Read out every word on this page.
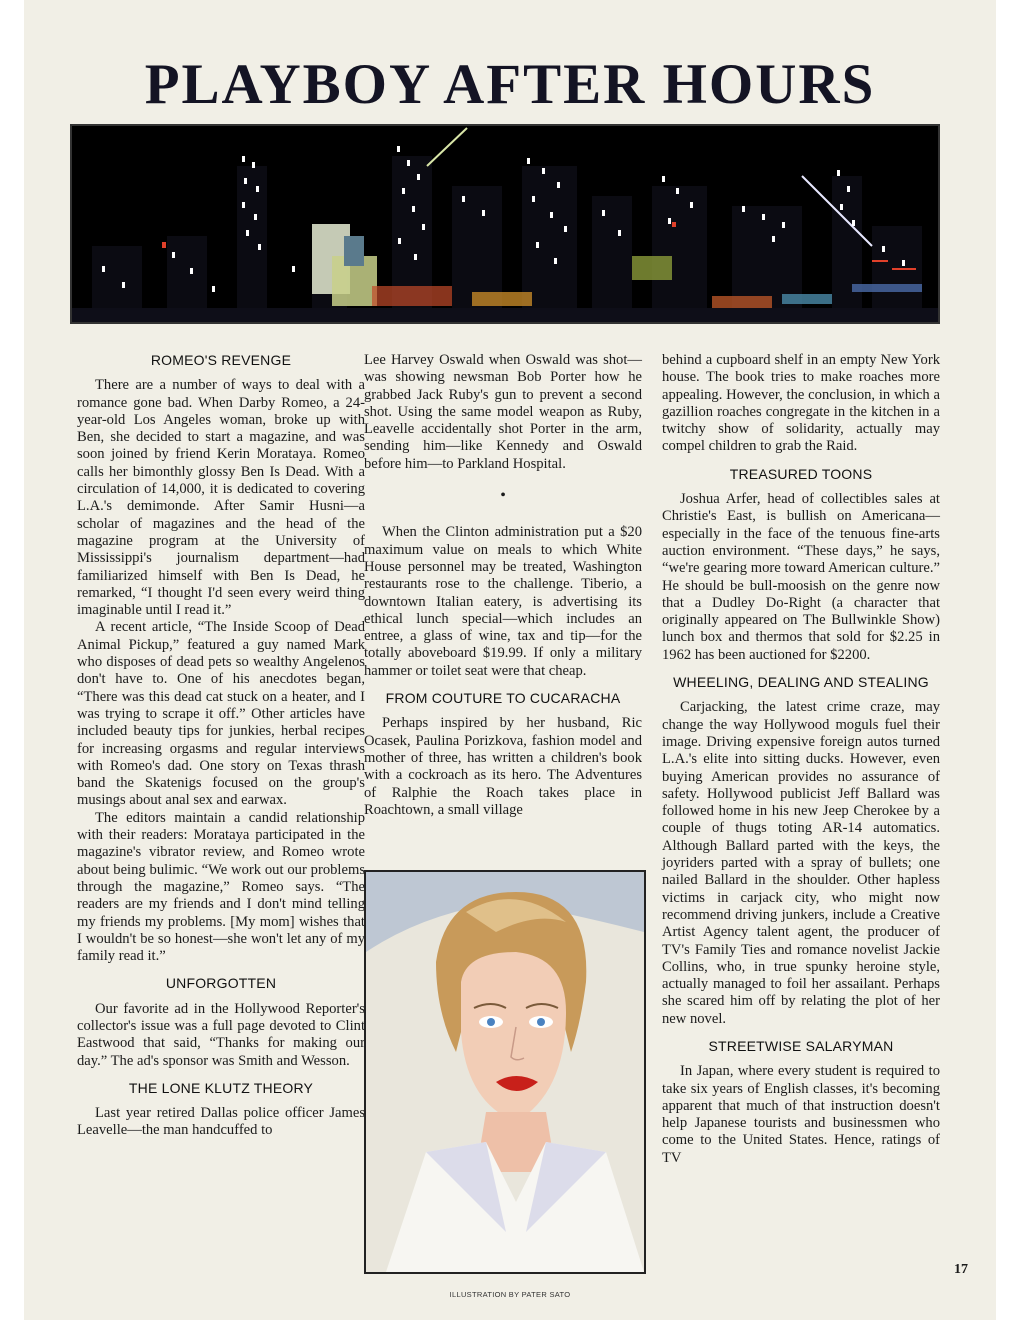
PLAYBOY AFTER HOURS
ROMEO'S REVENGE

There are a number of ways to deal with a romance gone bad. When Darby Romeo, a 24-year-old Los Angeles woman, broke up with Ben, she decided to start a magazine, and was soon joined by friend Kerin Morataya. Romeo calls her bimonthly glossy Ben Is Dead. With a circulation of 14,000, it is dedicated to covering L.A.'s demimonde. After Samir Husni—a scholar of magazines and the head of the magazine program at the University of Mississippi's journalism department—had familiarized himself with Ben Is Dead, he remarked, “I thought I'd seen every weird thing imaginable until I read it.”

A recent article, “The Inside Scoop of Dead Animal Pickup,” featured a guy named Mark who disposes of dead pets so wealthy Angelenos don't have to. One of his anecdotes began, “There was this dead cat stuck on a heater, and I was trying to scrape it off.” Other articles have included beauty tips for junkies, herbal recipes for increasing orgasms and regular interviews with Romeo's dad. One story on Texas thrash band the Skatenigs focused on the group's musings about anal sex and earwax.

The editors maintain a candid relationship with their readers: Morataya participated in the magazine's vibrator review, and Romeo wrote about being bulimic. “We work out our problems through the magazine,” Romeo says. “The readers are my friends and I don't mind telling my friends my problems. [My mom] wishes that I wouldn't be so honest—she won't let any of my family read it.”

UNFORGOTTEN

Our favorite ad in the Hollywood Reporter's collector's issue was a full page devoted to Clint Eastwood that said, “Thanks for making our day.” The ad's sponsor was Smith and Wesson.

THE LONE KLUTZ THEORY

Last year retired Dallas police officer James Leavelle—the man handcuffed to

Lee Harvey Oswald when Oswald was shot—was showing newsman Bob Porter how he grabbed Jack Ruby's gun to prevent a second shot. Using the same model weapon as Ruby, Leavelle accidentally shot Porter in the arm, sending him—like Kennedy and Oswald before him—to Parkland Hospital.

•

When the Clinton administration put a $20 maximum value on meals to which White House personnel may be treated, Washington restaurants rose to the challenge. Tiberio, a downtown Italian eatery, is advertising its ethical lunch special—which includes an entree, a glass of wine, tax and tip—for the totally aboveboard $19.99. If only a military hammer or toilet seat were that cheap.

FROM COUTURE TO CUCARACHA

Perhaps inspired by her husband, Ric Ocasek, Paulina Porizkova, fashion model and mother of three, has written a children's book with a cockroach as its hero. The Adventures of Ralphie the Roach takes place in Roachtown, a small village

behind a cupboard shelf in an empty New York house. The book tries to make roaches more appealing. However, the conclusion, in which a gazillion roaches congregate in the kitchen in a twitchy show of solidarity, actually may compel children to grab the Raid.

TREASURED TOONS

Joshua Arfer, head of collectibles sales at Christie's East, is bullish on Americana—especially in the face of the tenuous fine-arts auction environment. “These days,” he says, “we're gearing more toward American culture.” He should be bull-moosish on the genre now that a Dudley Do-Right (a character that originally appeared on The Bullwinkle Show) lunch box and thermos that sold for $2.25 in 1962 has been auctioned for $2200.

WHEELING, DEALING AND STEALING

Carjacking, the latest crime craze, may change the way Hollywood moguls fuel their image. Driving expensive foreign autos turned L.A.'s elite into sitting ducks. However, even buying American provides no assurance of safety. Hollywood publicist Jeff Ballard was followed home in his new Jeep Cherokee by a couple of thugs toting AR-14 automatics. Although Ballard parted with the keys, the joyriders parted with a spray of bullets; one nailed Ballard in the shoulder. Other hapless victims in carjack city, who might now recommend driving junkers, include a Creative Artist Agency talent agent, the producer of TV's Family Ties and romance novelist Jackie Collins, who, in true spunky heroine style, actually managed to foil her assailant. Perhaps she scared him off by relating the plot of her new novel.

STREETWISE SALARYMAN

In Japan, where every student is required to take six years of English classes, it's becoming apparent that much of that instruction doesn't help Japanese tourists and businessmen who come to the United States. Hence, ratings of TV

ILLUSTRATION BY PATER SATO
17
